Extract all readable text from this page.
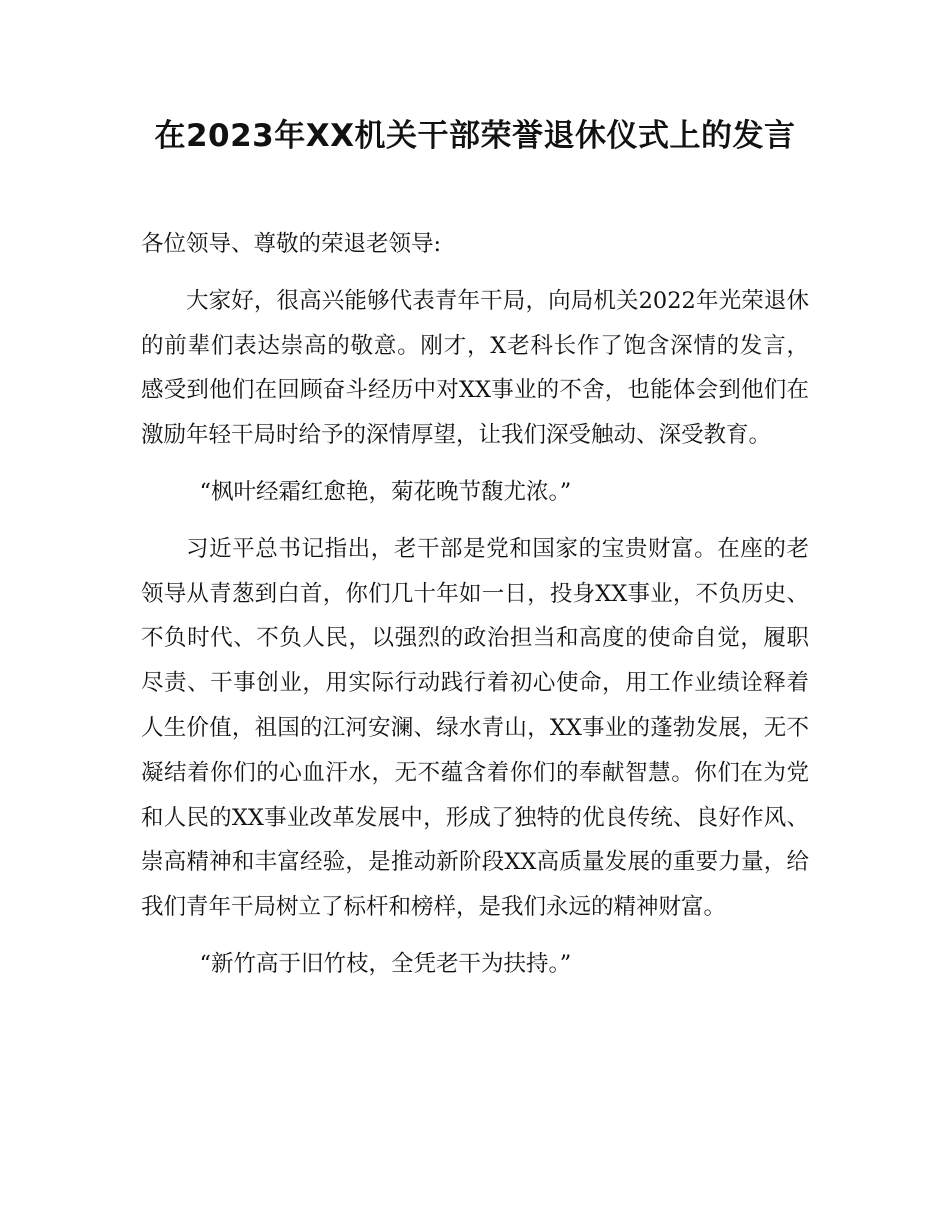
在2023年XX机关干部荣誉退休仪式上的发言

各位领导、尊敬的荣退老领导:

大家好，很高兴能够代表青年干局，向局机关2022年光荣退休的前辈们表达崇高的敬意。刚才，X老科长作了饱含深情的发言，感受到他们在回顾奋斗经历中对XX事业的不舍，也能体会到他们在激励年轻干局时给予的深情厚望，让我们深受触动、深受教育。

“枫叶经霜红愈艳，菊花晚节馥尤浓。”

习近平总书记指出，老干部是党和国家的宝贵财富。在座的老领导从青葱到白首，你们几十年如一日，投身XX事业，不负历史、不负时代、不负人民，以强烈的政治担当和高度的使命自觉，履职尽责、干事创业，用实际行动践行着初心使命，用工作业绩诠释着人生价值，祖国的江河安澜、绿水青山，XX事业的蓬勃发展，无不凝结着你们的心血汗水，无不蕴含着你们的奉献智慧。你们在为党和人民的XX事业改革发展中，形成了独特的优良传统、良好作风、崇高精神和丰富经验，是推动新阶段XX高质量发展的重要力量，给我们青年干局树立了标杆和榜样，是我们永远的精神财富。

“新竹高于旧竹枝，全凭老干为扶持。”
